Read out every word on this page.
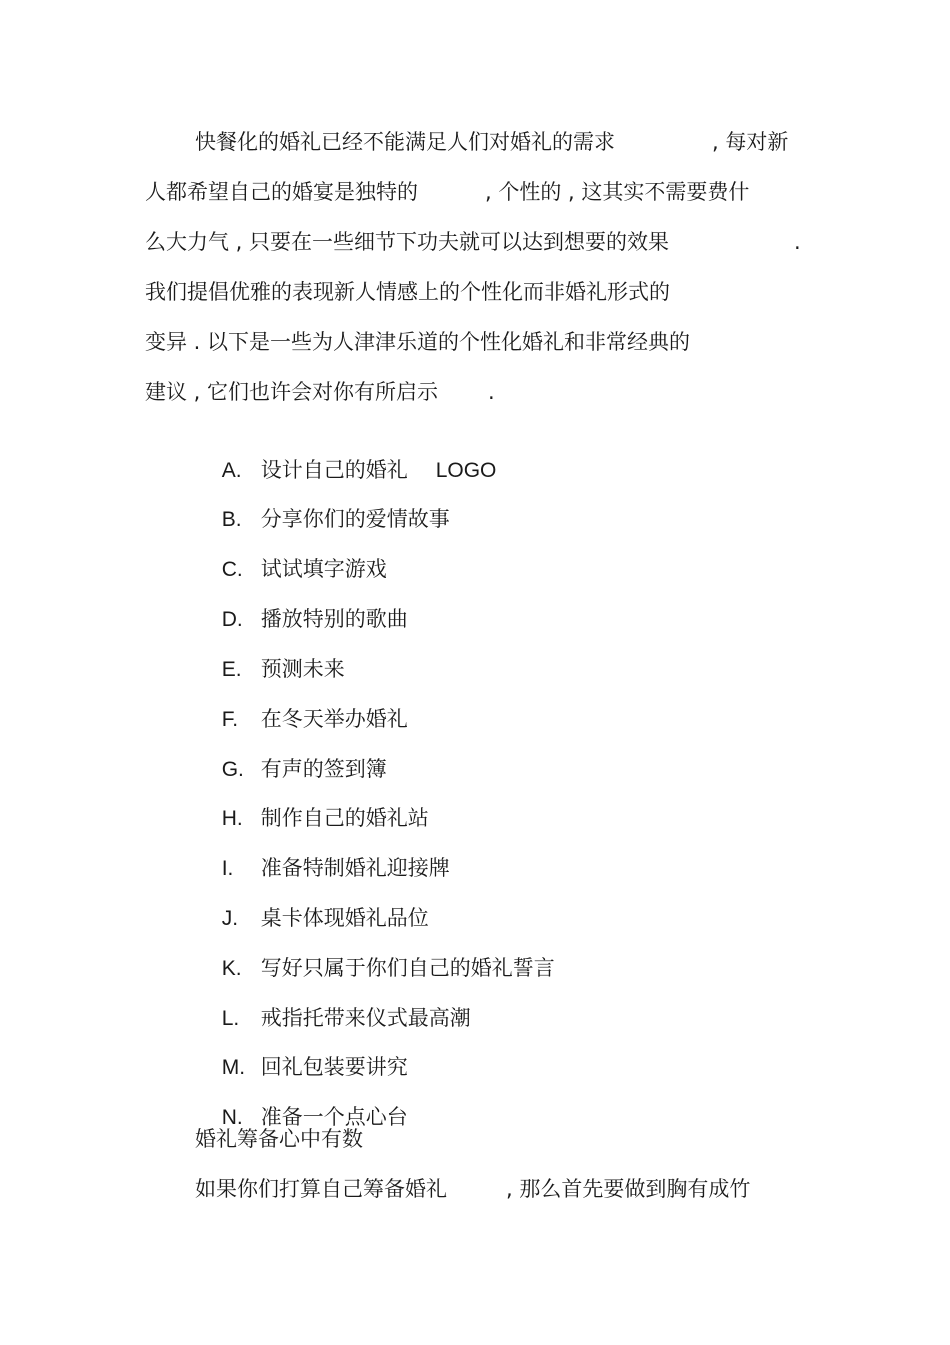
快餐化的婚礼已经不能满足人们对婚礼的需求	, 每对新
人都希望自己的婚宴是独特的	, 个性的 , 这其实不需要费什
么大力气 , 只要在一些细节下功夫就可以达到想要的效果	.
我们提倡优雅的表现新人情感上的个性化而非婚礼形式的
变异 . 以下是一些为人津津乐道的个性化婚礼和非常经典的
建议 , 它们也许会对你有所启示 .

A. 设计自己的婚礼 LOGO

B. 分享你们的爱情故事

C. 试试填字游戏

D. 播放特别的歌曲

E. 预测未来

F. 在冬天举办婚礼

G. 有声的签到簿

H. 制作自己的婚礼站

I. 准备特制婚礼迎接牌

J. 桌卡体现婚礼品位

K. 写好只属于你们自己的婚礼誓言

L. 戒指托带来仪式最高潮

M. 回礼包装要讲究

N. 准备一个点心台

婚礼筹备心中有数
如果你们打算自己筹备婚礼	, 那么首先要做到胸有成竹
